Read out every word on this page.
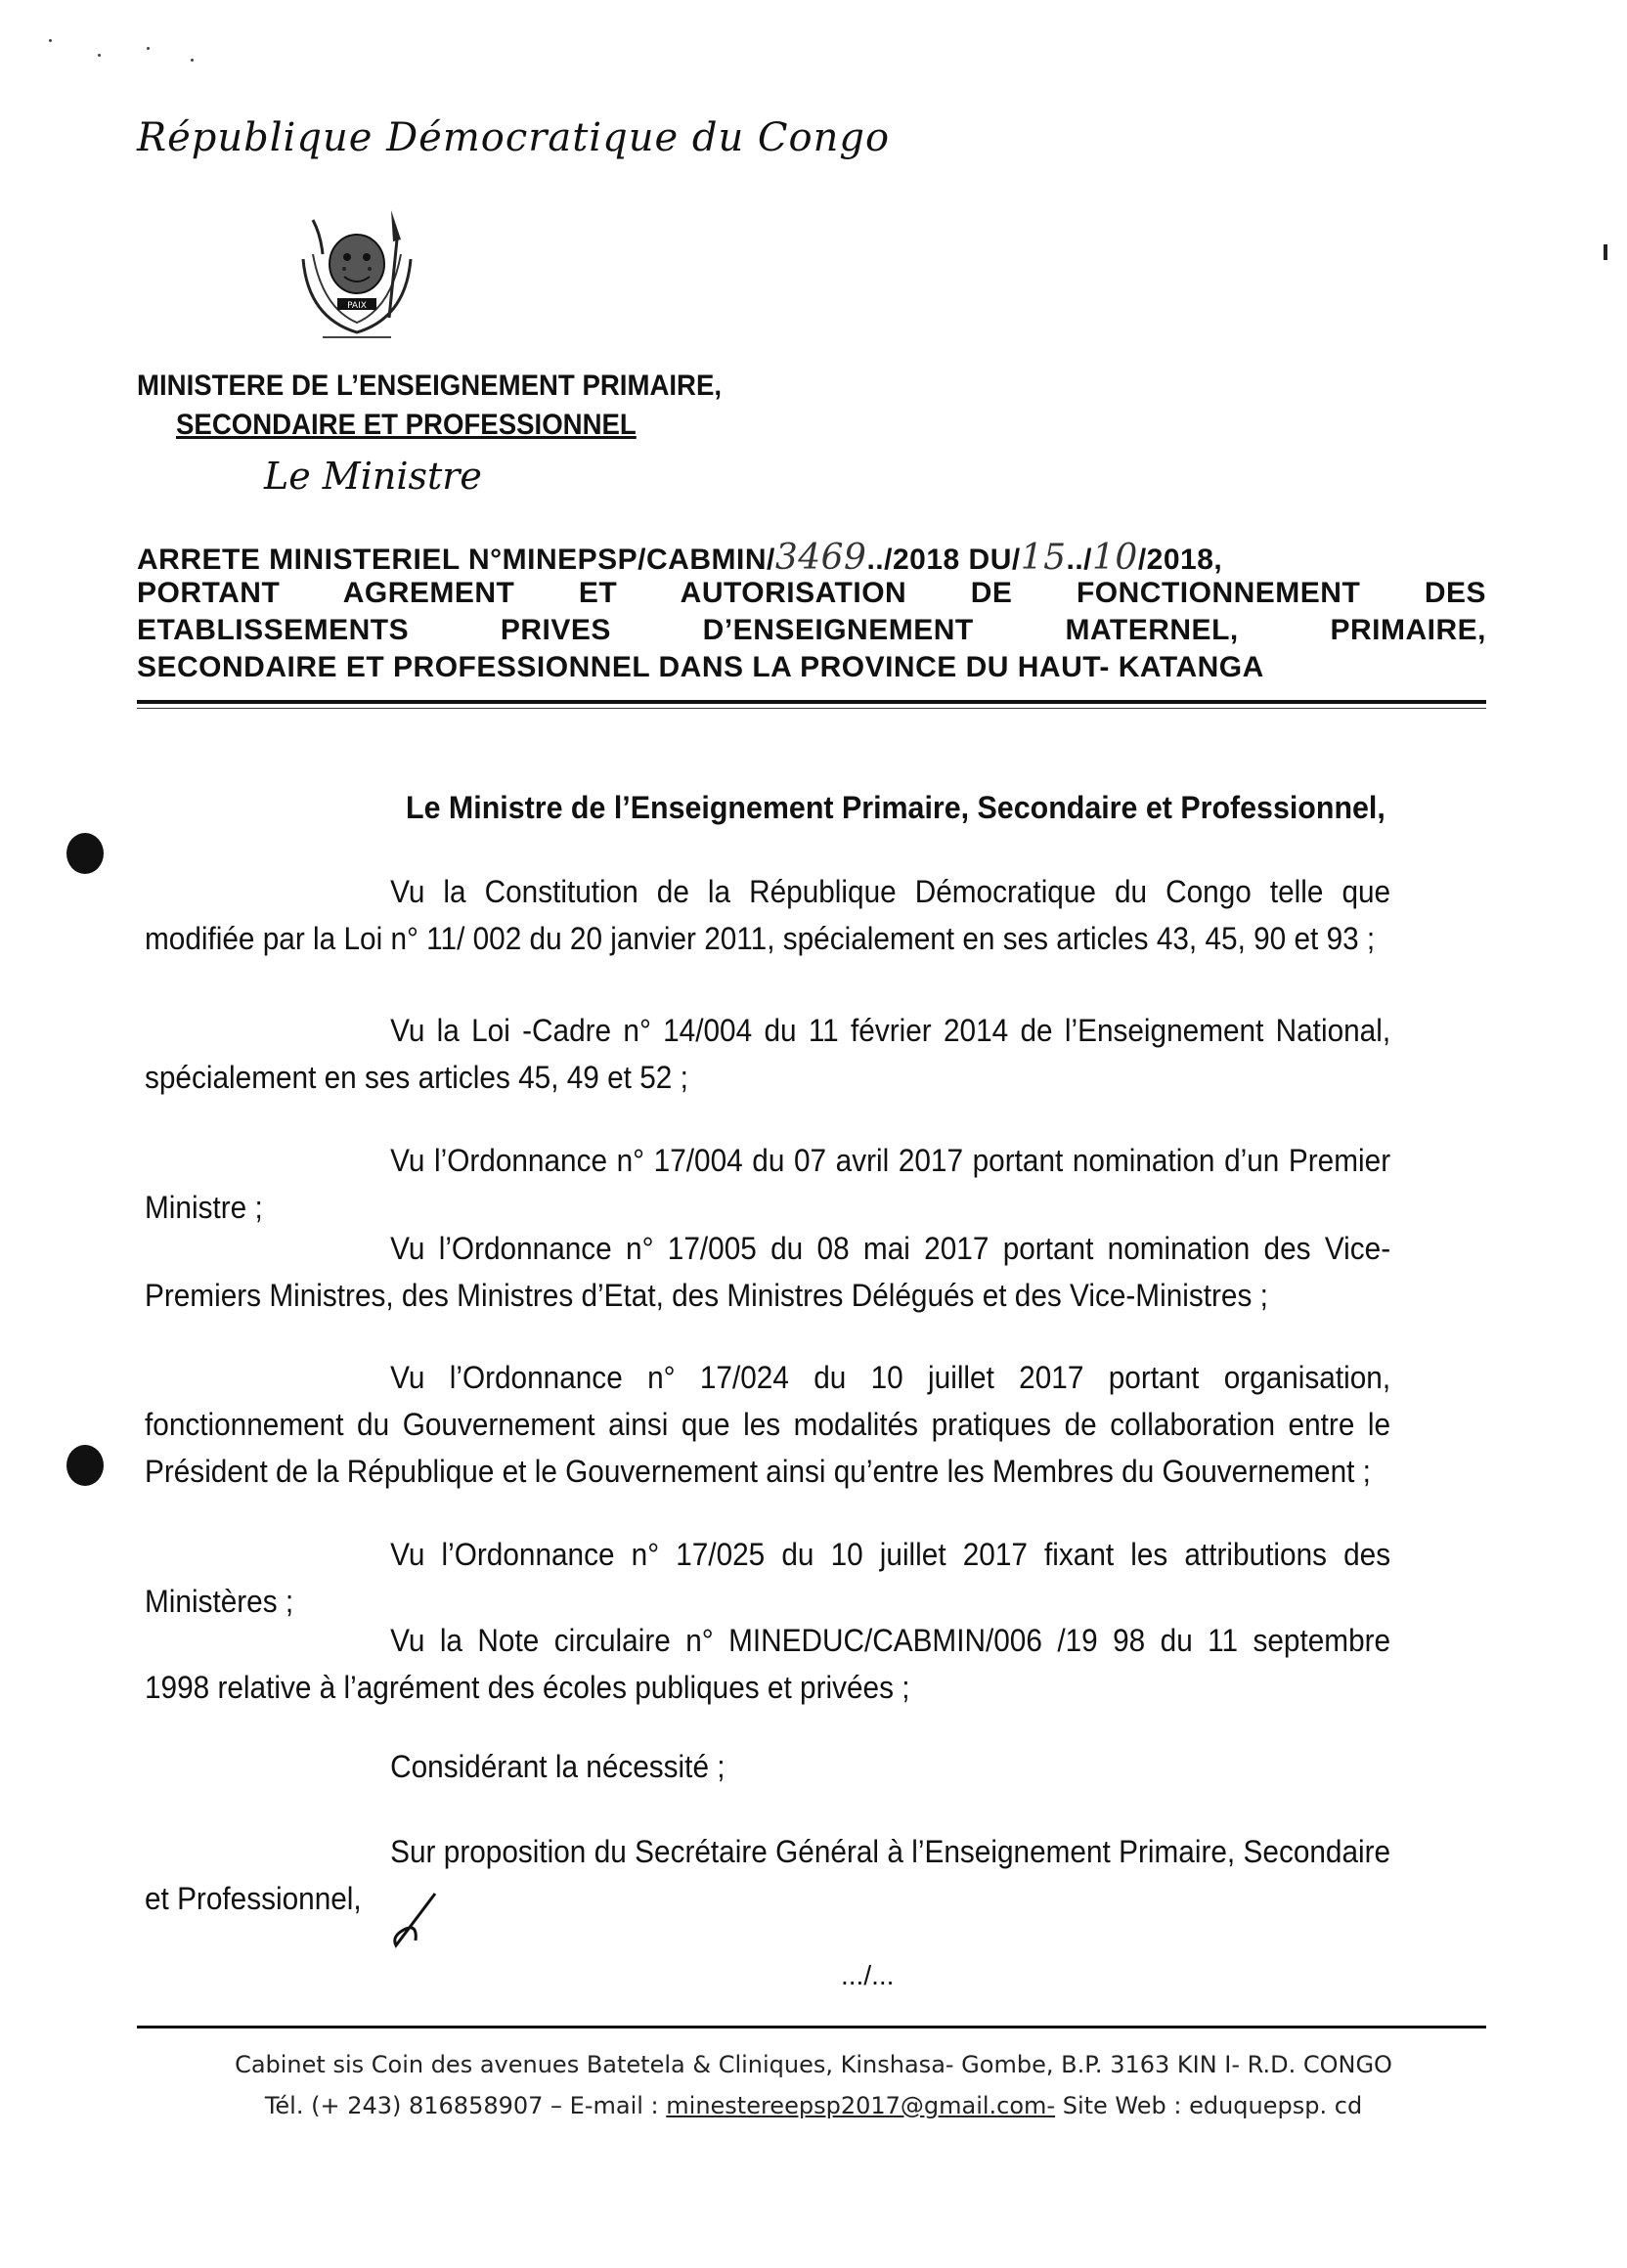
République Démocratique du Congo
PAIX
MINISTERE DE L’ENSEIGNEMENT PRIMAIRE,
SECONDAIRE ET PROFESSIONNEL
Le Ministre
ARRETE MINISTERIEL N°MINEPSP/CABMIN/3469../2018 DU/15../10/2018,
PORTANT AGREMENT ET AUTORISATION DE FONCTIONNEMENT DES
ETABLISSEMENTS PRIVES D’ENSEIGNEMENT MATERNEL, PRIMAIRE,
SECONDAIRE ET PROFESSIONNEL DANS LA PROVINCE DU HAUT- KATANGA
Le Ministre de l’Enseignement Primaire, Secondaire et Professionnel,
Vu la Constitution de la République Démocratique du Congo telle que modifiée par la Loi n° 11/ 002 du 20 janvier 2011, spécialement en ses articles 43, 45, 90 et 93 ;
Vu la Loi -Cadre n° 14/004 du 11 février 2014 de l’Enseignement National, spécialement en ses articles 45, 49 et 52 ;
Vu l’Ordonnance n° 17/004 du 07 avril 2017 portant nomination d’un Premier Ministre ;
Vu l’Ordonnance n° 17/005 du 08 mai 2017 portant nomination des Vice-Premiers Ministres, des Ministres d’Etat, des Ministres Délégués et des Vice-Ministres ;
Vu l’Ordonnance n° 17/024 du 10 juillet 2017 portant organisation, fonctionnement du Gouvernement ainsi que les modalités pratiques de collaboration entre le Président de la République et le Gouvernement ainsi qu’entre les Membres du Gouvernement ;
Vu l’Ordonnance n° 17/025 du 10 juillet 2017 fixant les attributions des Ministères ;
Vu la Note circulaire n° MINEDUC/CABMIN/006 /19 98 du 11 septembre 1998 relative à l’agrément des écoles publiques et privées ;
Considérant la nécessité ;
Sur proposition du Secrétaire Général à l’Enseignement Primaire, Secondaire et Professionnel,
.../...
Cabinet sis Coin des avenues Batetela & Cliniques, Kinshasa- Gombe, B.P. 3163 KIN I- R.D. CONGO
Tél. (+ 243) 816858907 – E-mail : minestereepsp2017@gmail.com- Site Web : eduquepsp. cd
